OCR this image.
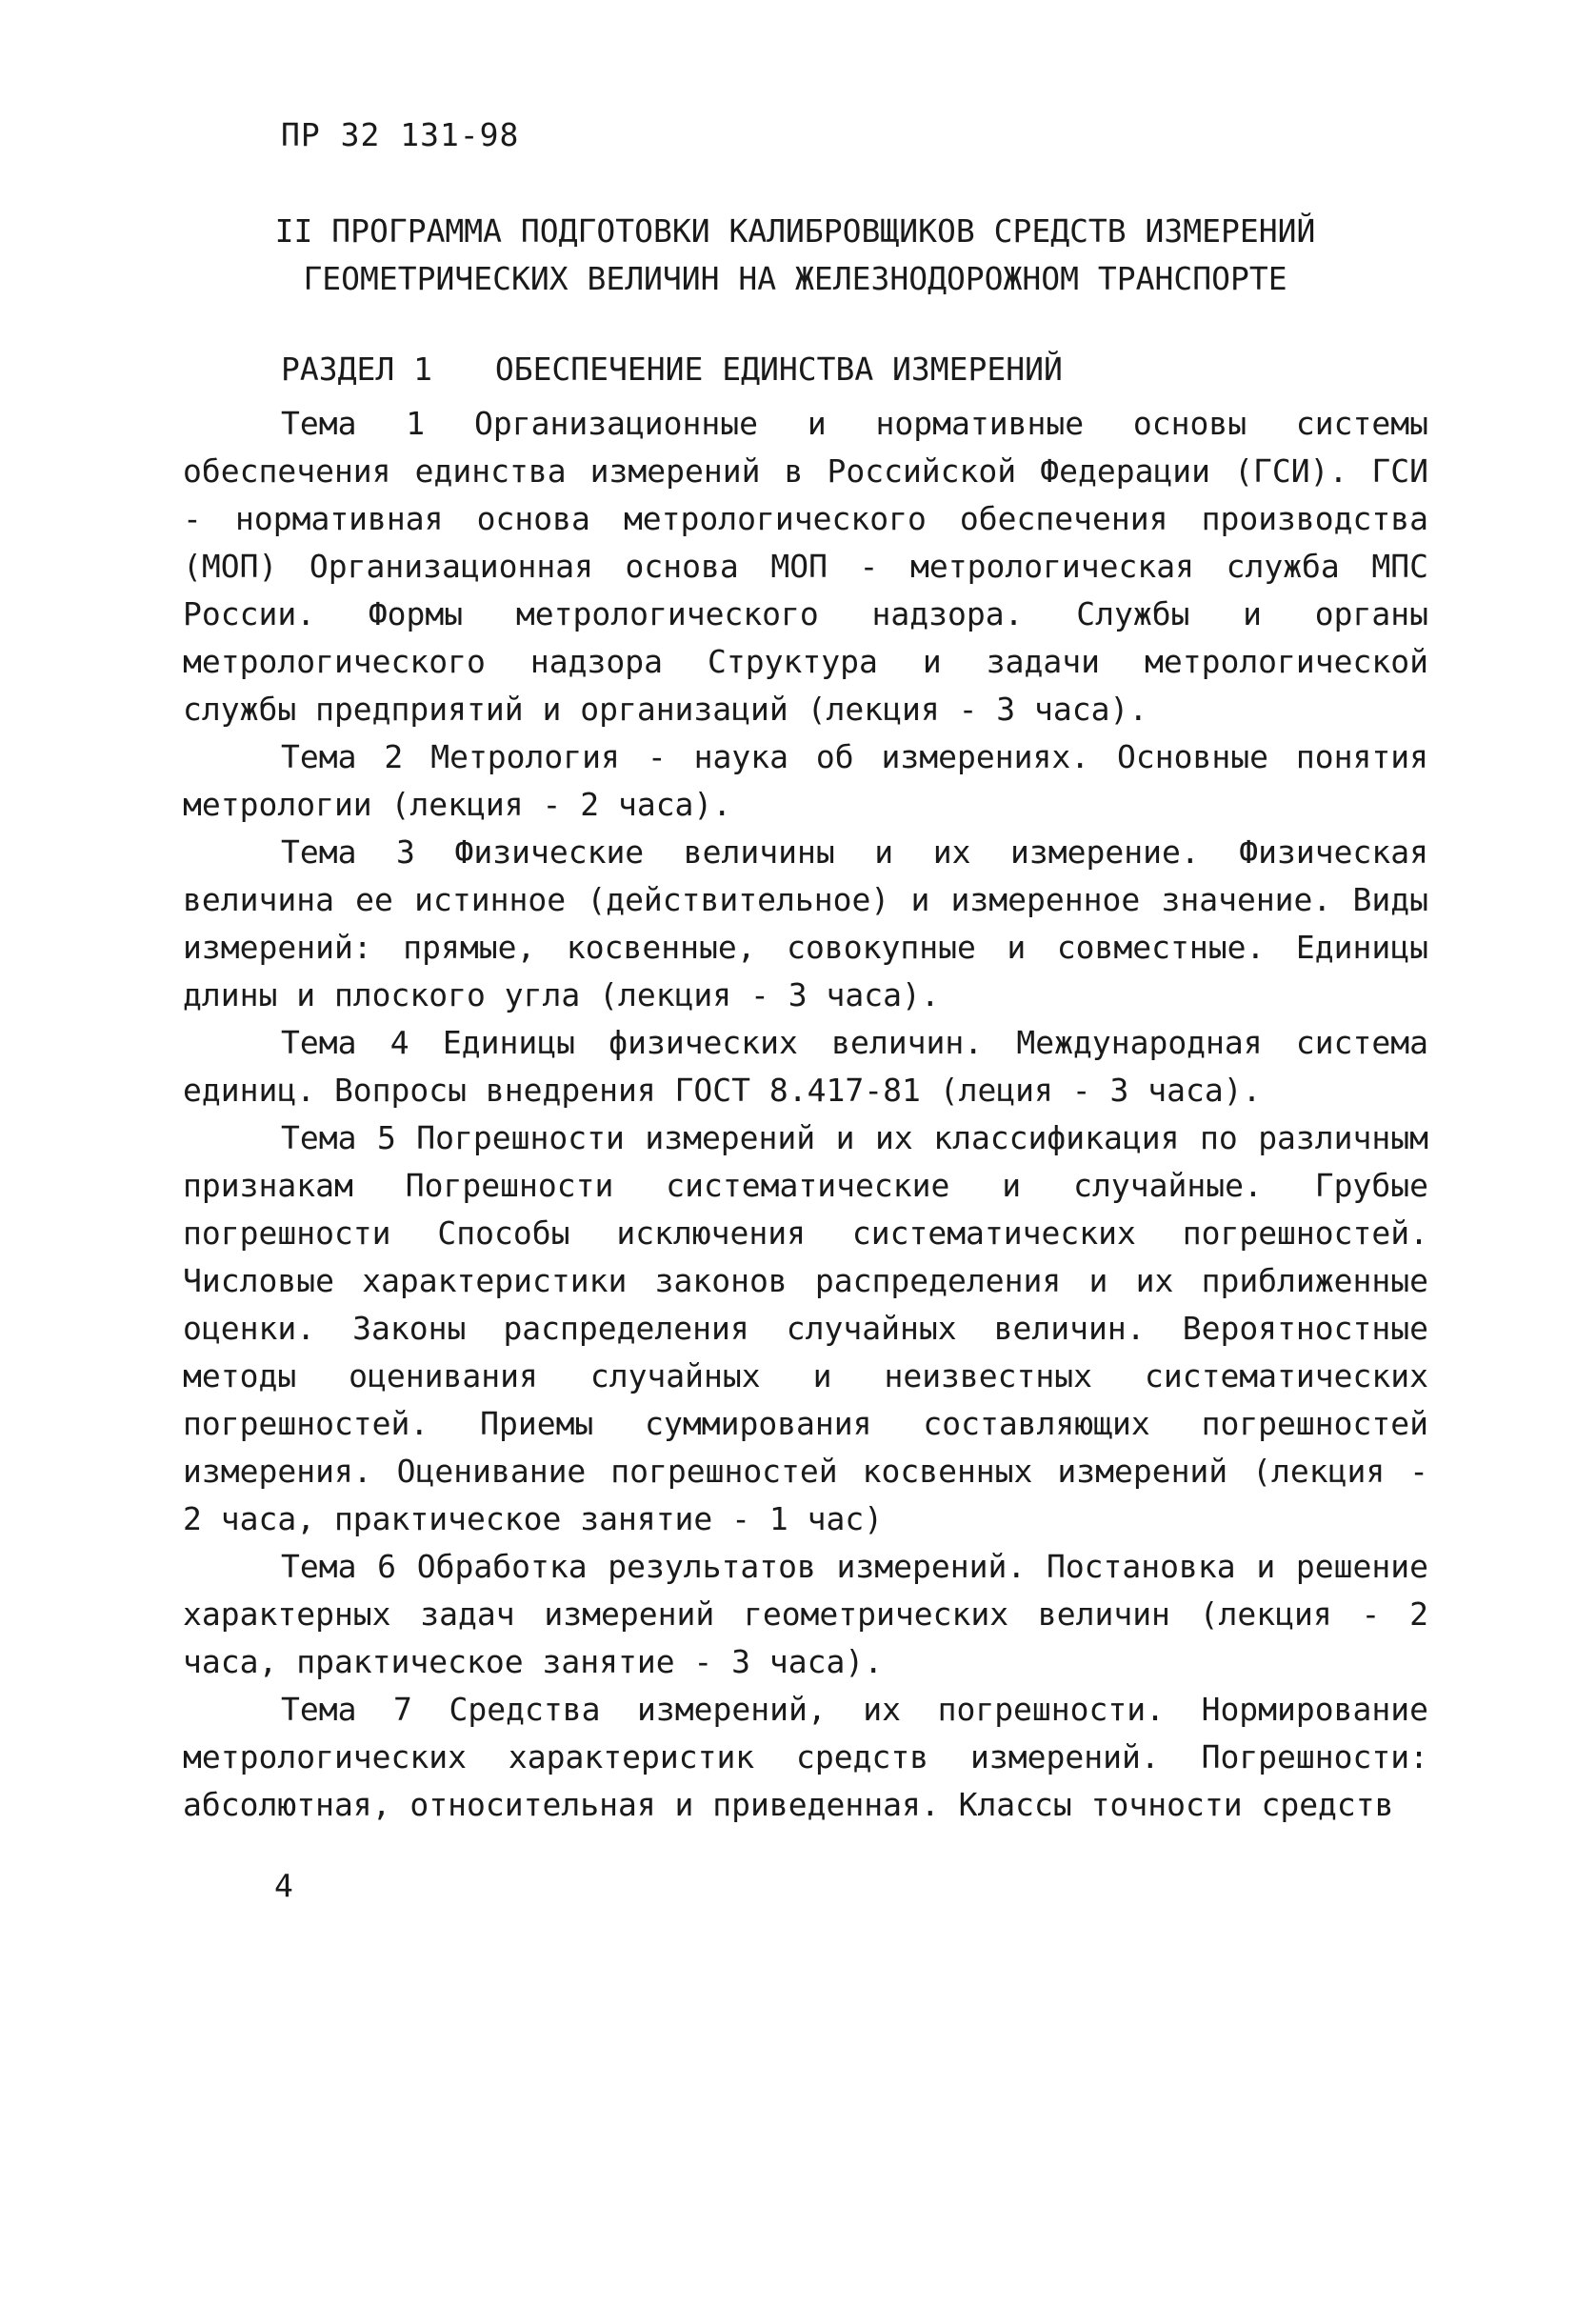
ПР 32 131-98
II ПРОГРАММА ПОДГОТОВКИ КАЛИБРОВЩИКОВ СРЕДСТВ ИЗМЕРЕНИЙ
ГЕОМЕТРИЧЕСКИХ ВЕЛИЧИН НА ЖЕЛЕЗНОДОРОЖНОМ ТРАНСПОРТЕ
РАЗДЕЛ 1 ОБЕСПЕЧЕНИЕ ЕДИНСТВА ИЗМЕРЕНИЙ

Тема 1 Организационные и нормативные основы системы обеспечения единства измерений в Российской Федерации (ГСИ). ГСИ - нормативная основа метрологического обеспечения производства (МОП) Организационная основа МОП - метрологическая служба МПС России. Формы метрологического надзора. Службы и органы метрологического надзора Структура и задачи метрологической службы предприятий и организаций (лекция - 3 часа).

Тема 2 Метрология - наука об измерениях. Основные понятия метрологии (лекция - 2 часа).

Тема 3 Физические величины и их измерение. Физическая величина ее истинное (действительное) и измеренное значение. Виды измерений: прямые, косвенные, совокупные и совместные. Единицы длины и плоского угла (лекция - 3 часа).

Тема 4 Единицы физических величин. Международная система единиц. Вопросы внедрения ГОСТ 8.417-81 (леция - 3 часа).

Тема 5 Погрешности измерений и их классификация по различным признакам Погрешности систематические и случайные. Грубые погрешности Способы исключения систематических погрешностей. Числовые характеристики законов распределения и их приближенные оценки. Законы распределения случайных величин. Вероятностные методы оценивания случайных и неизвестных систематических погрешностей. Приемы суммирования составляющих погрешностей измерения. Оценивание погрешностей косвенных измерений (лекция - 2 часа, практическое занятие - 1 час)

Тема 6 Обработка результатов измерений. Постановка и решение характерных задач измерений геометрических величин (лекция - 2 часа, практическое занятие - 3 часа).

Тема 7 Средства измерений, их погрешности. Нормирование метрологических характеристик средств измерений. Погрешности: абсолютная, относительная и приведенная. Классы точности средств

4
